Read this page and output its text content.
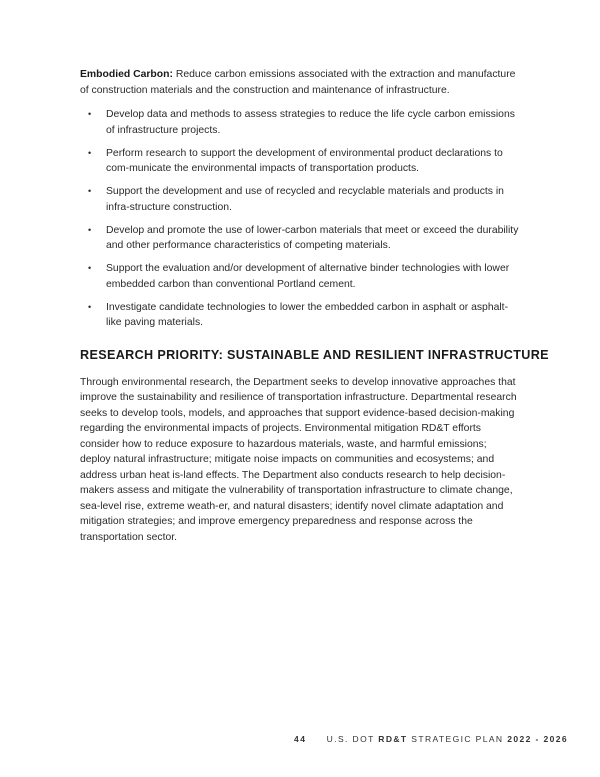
Embodied Carbon: Reduce carbon emissions associated with the extraction and manufacture of construction materials and the construction and maintenance of infrastructure.

• Develop data and methods to assess strategies to reduce the life cycle carbon emissions of infrastructure projects.
• Perform research to support the development of environmental product declarations to com-municate the environmental impacts of transportation products.
• Support the development and use of recycled and recyclable materials and products in infra-structure construction.
• Develop and promote the use of lower-carbon materials that meet or exceed the durability and other performance characteristics of competing materials.
• Support the evaluation and/or development of alternative binder technologies with lower embedded carbon than conventional Portland cement.
• Investigate candidate technologies to lower the embedded carbon in asphalt or asphalt-like paving materials.
RESEARCH PRIORITY: SUSTAINABLE AND RESILIENT INFRASTRUCTURE

Through environmental research, the Department seeks to develop innovative approaches that improve the sustainability and resilience of transportation infrastructure. Departmental research seeks to develop tools, models, and approaches that support evidence-based decision-making regarding the environmental impacts of projects. Environmental mitigation RD&T efforts consider how to reduce exposure to hazardous materials, waste, and harmful emissions; deploy natural infrastructure; mitigate noise impacts on communities and ecosystems; and address urban heat is-land effects. The Department also conducts research to help decision-makers assess and mitigate the vulnerability of transportation infrastructure to climate change, sea-level rise, extreme weath-er, and natural disasters; identify novel climate adaptation and mitigation strategies; and improve emergency preparedness and response across the transportation sector.

44 U.S. DOT RD&T STRATEGIC PLAN 2022 - 2026
